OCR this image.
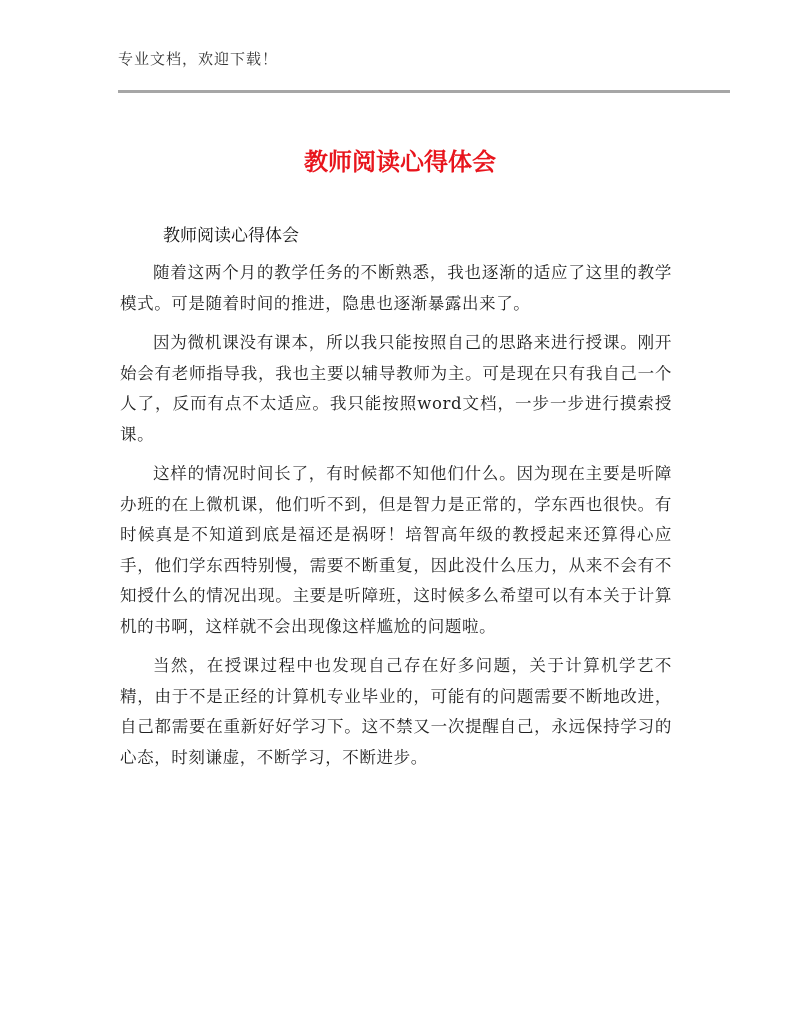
专业文档，欢迎下载！
教师阅读心得体会
教师阅读心得体会

随着这两个月的教学任务的不断熟悉，我也逐渐的适应了这里的教学模式。可是随着时间的推进，隐患也逐渐暴露出来了。

因为微机课没有课本，所以我只能按照自己的思路来进行授课。刚开始会有老师指导我，我也主要以辅导教师为主。可是现在只有我自己一个人了，反而有点不太适应。我只能按照word文档，一步一步进行摸索授课。

这样的情况时间长了，有时候都不知他们什么。因为现在主要是听障办班的在上微机课，他们听不到，但是智力是正常的，学东西也很快。有时候真是不知道到底是福还是祸呀！培智高年级的教授起来还算得心应手，他们学东西特别慢，需要不断重复，因此没什么压力，从来不会有不知授什么的情况出现。主要是听障班，这时候多么希望可以有本关于计算机的书啊，这样就不会出现像这样尴尬的问题啦。

当然，在授课过程中也发现自己存在好多问题，关于计算机学艺不精，由于不是正经的计算机专业毕业的，可能有的问题需要不断地改进，自己都需要在重新好好学习下。这不禁又一次提醒自己，永远保持学习的心态，时刻谦虚，不断学习，不断进步。
